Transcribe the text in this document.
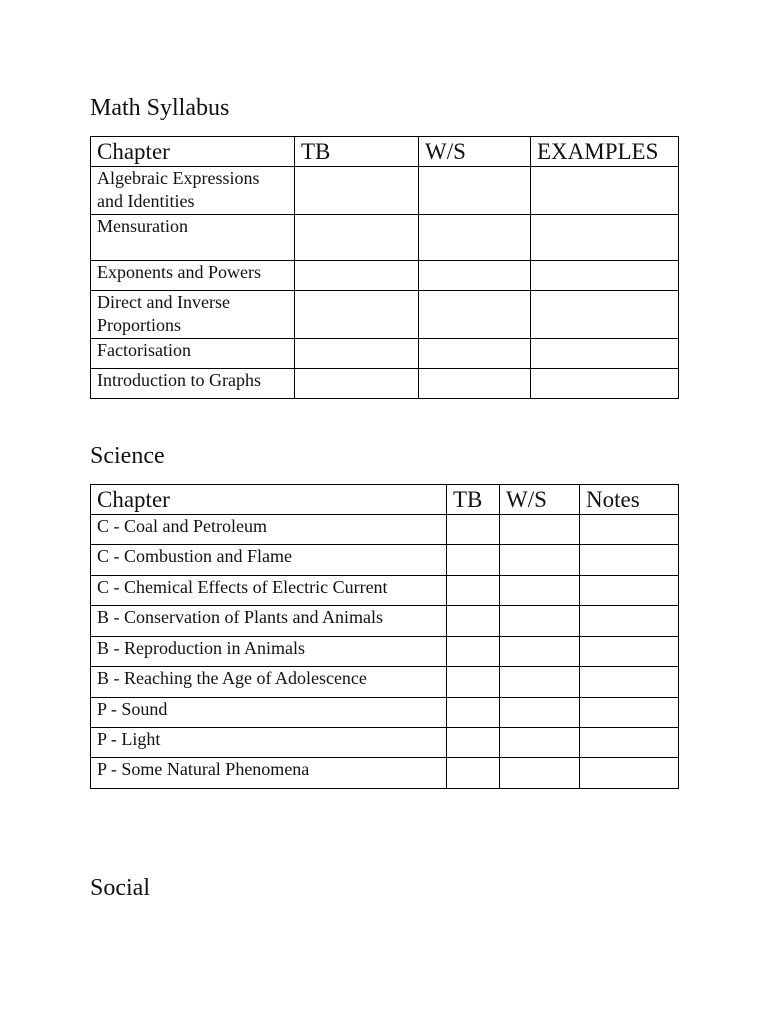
Math Syllabus
Chapter	TB	W/S	EXAMPLES
Algebraic Expressions and Identities			
Mensuration			
Exponents and Powers			
Direct and Inverse Proportions			
Factorisation			
Introduction to Graphs			
Science
Chapter	TB	W/S	Notes
C - Coal and Petroleum			
C - Combustion and Flame			
C - Chemical Effects of Electric Current			
B - Conservation of Plants and Animals			
B - Reproduction in Animals			
B - Reaching the Age of Adolescence			
P - Sound			
P - Light			
P - Some Natural Phenomena			
Social
